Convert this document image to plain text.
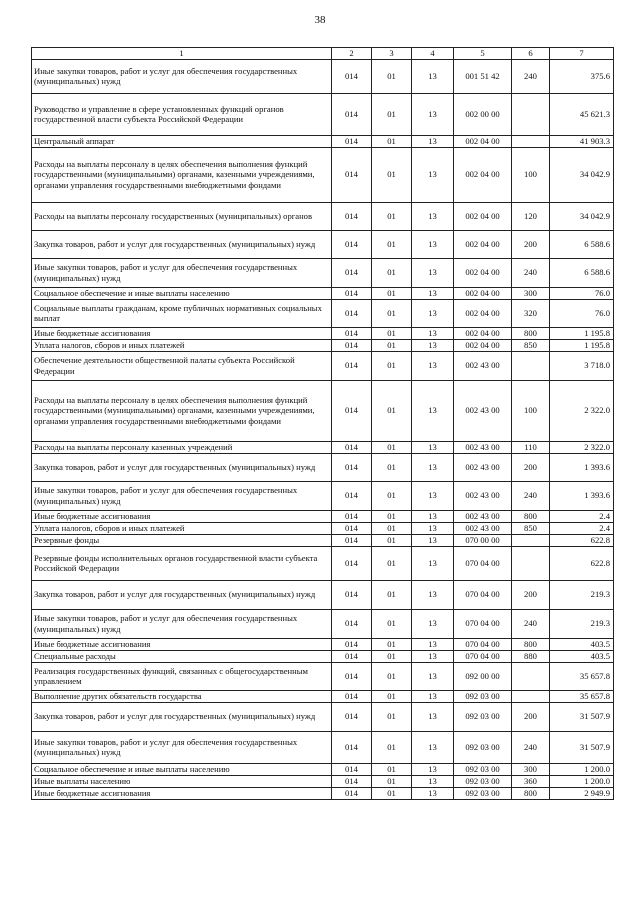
38
1	2	3	4	5	6	7
Иные закупки товаров, работ и услуг для обеспечения государственных (муниципальных) нужд	014	01	13	001 51 42	240	375.6
Руководство и управление в сфере установленных функций органов государственной власти субъекта Российской Федерации	014	01	13	002 00 00		45 621.3
Центральный аппарат	014	01	13	002 04 00		41 903.3
Расходы на выплаты персоналу в целях обеспечения выполнения функций государственными (муниципальными) органами, казенными учреждениями, органами управления государственными внебюджетными фондами	014	01	13	002 04 00	100	34 042.9
Расходы на выплаты персоналу государственных (муниципальных) органов	014	01	13	002 04 00	120	34 042.9
Закупка товаров, работ и услуг для государственных (муниципальных) нужд	014	01	13	002 04 00	200	6 588.6
Иные закупки товаров, работ и услуг для обеспечения государственных (муниципальных) нужд	014	01	13	002 04 00	240	6 588.6
Социальное обеспечение и иные выплаты населению	014	01	13	002 04 00	300	76.0
Социальные выплаты гражданам, кроме публичных нормативных социальных выплат	014	01	13	002 04 00	320	76.0
Иные бюджетные ассигнования	014	01	13	002 04 00	800	1 195.8
Уплата налогов, сборов и иных платежей	014	01	13	002 04 00	850	1 195.8
Обеспечение деятельности общественной палаты субъекта Российской Федерации	014	01	13	002 43 00		3 718.0
Расходы на выплаты персоналу в целях обеспечения выполнения функций государственными (муниципальными) органами, казенными учреждениями, органами управления государственными внебюджетными фондами	014	01	13	002 43 00	100	2 322.0
Расходы на выплаты персоналу казенных учреждений	014	01	13	002 43 00	110	2 322.0
Закупка товаров, работ и услуг для государственных (муниципальных) нужд	014	01	13	002 43 00	200	1 393.6
Иные закупки товаров, работ и услуг для обеспечения государственных (муниципальных) нужд	014	01	13	002 43 00	240	1 393.6
Иные бюджетные ассигнования	014	01	13	002 43 00	800	2.4
Уплата налогов, сборов и иных платежей	014	01	13	002 43 00	850	2.4
Резервные фонды	014	01	13	070 00 00		622.8
Резервные фонды исполнительных органов государственной власти субъекта Российской Федерации	014	01	13	070 04 00		622.8
Закупка товаров, работ и услуг для государственных (муниципальных) нужд	014	01	13	070 04 00	200	219.3
Иные закупки товаров, работ и услуг для обеспечения государственных (муниципальных) нужд	014	01	13	070 04 00	240	219.3
Иные бюджетные ассигнования	014	01	13	070 04 00	800	403.5
Специальные расходы	014	01	13	070 04 00	880	403.5
Реализация государственных функций, связанных с общегосударственным управлением	014	01	13	092 00 00		35 657.8
Выполнение других обязательств государства	014	01	13	092 03 00		35 657.8
Закупка товаров, работ и услуг для государственных (муниципальных) нужд	014	01	13	092 03 00	200	31 507.9
Иные закупки товаров, работ и услуг для обеспечения государственных (муниципальных) нужд	014	01	13	092 03 00	240	31 507.9
Социальное обеспечение и иные выплаты населению	014	01	13	092 03 00	300	1 200.0
Иные выплаты населению	014	01	13	092 03 00	360	1 200.0
Иные бюджетные ассигнования	014	01	13	092 03 00	800	2 949.9
